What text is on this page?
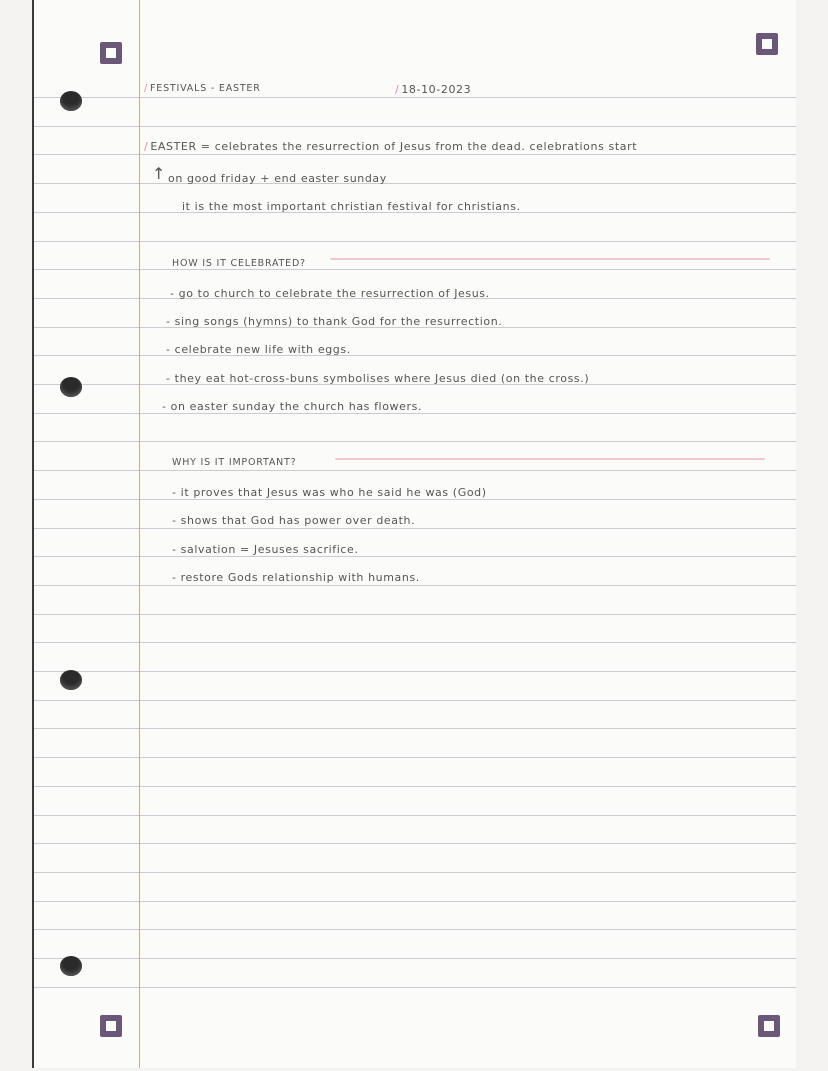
/ FESTIVALS - EASTER	/ 18-10-2023
/ EASTER = celebrates the resurrection of Jesus from the dead. celebrations start
↑ on good friday + end easter sunday
it is the most important christian festival for christians.
HOW IS IT CELEBRATED?
- go to church to celebrate the resurrection of Jesus.
- sing songs (hymns) to thank God for the resurrection.
- celebrate new life with eggs.
- they eat hot-cross-buns symbolises where Jesus died (on the cross.)
- on easter sunday the church has flowers.
WHY IS IT IMPORTANT?
- it proves that Jesus was who he said he was (God)
- shows that God has power over death.
- salvation = Jesuses sacrifice.
- restore Gods relationship with humans.
